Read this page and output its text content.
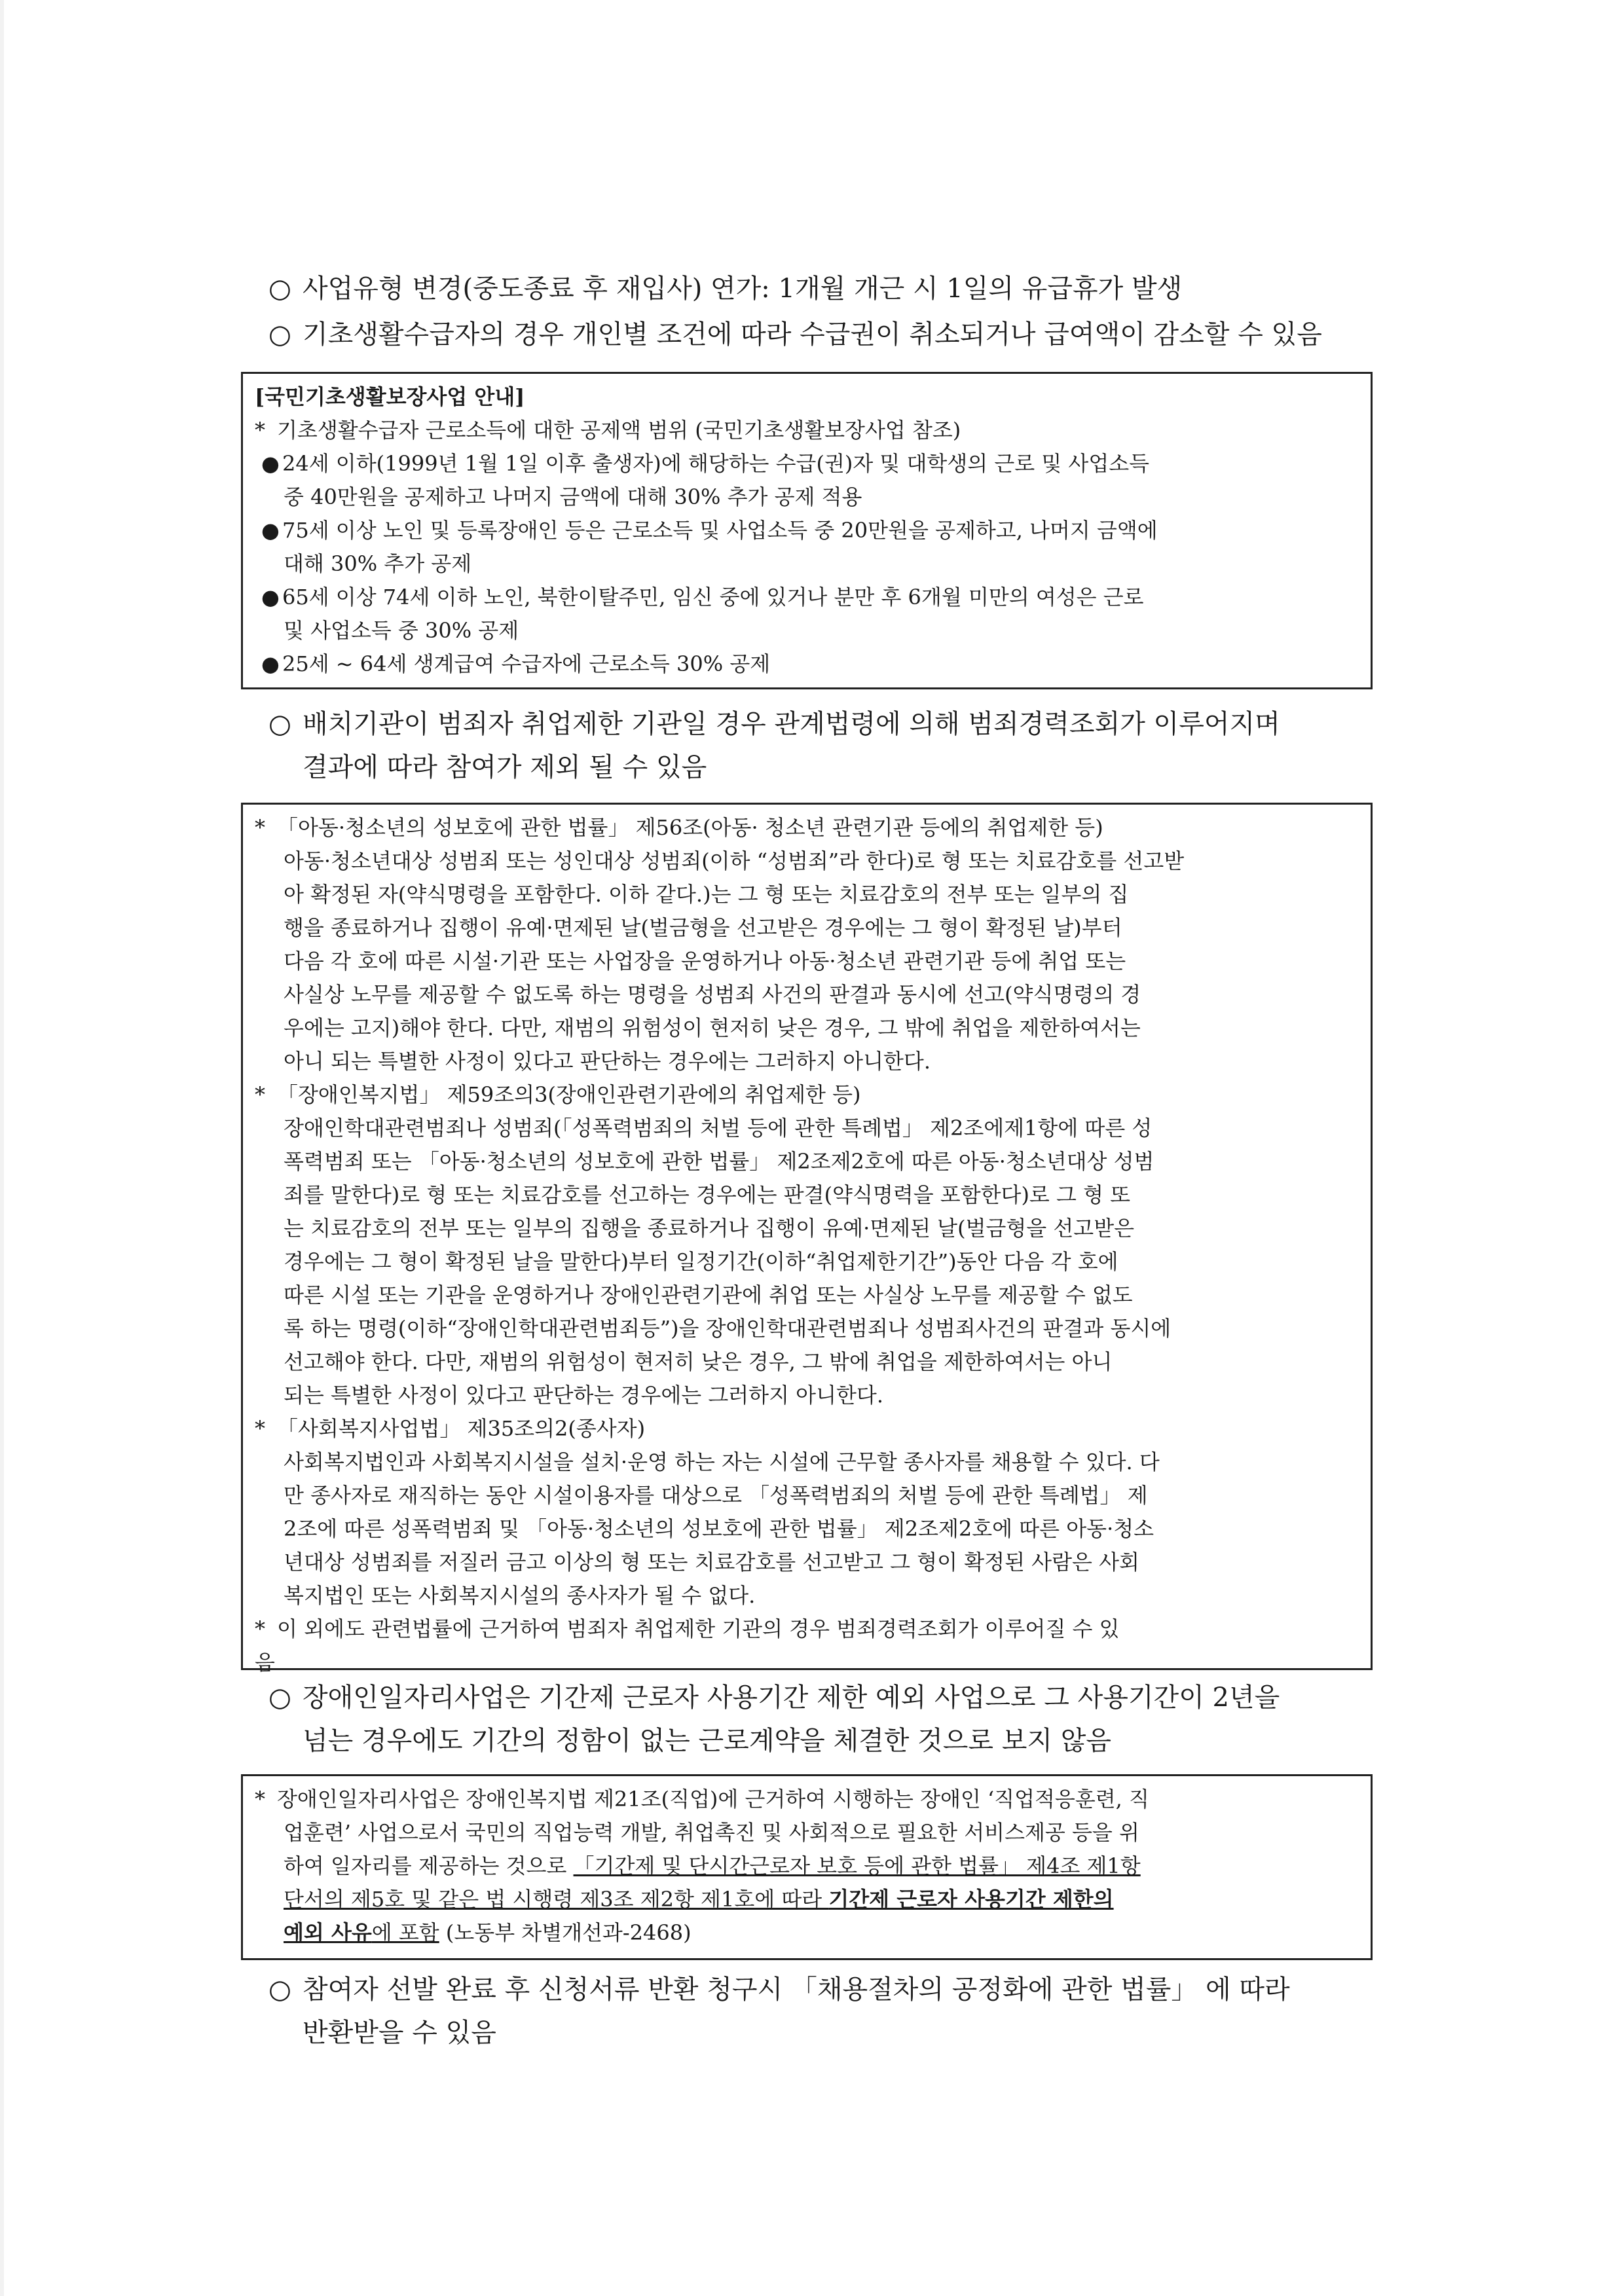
○ 사업유형 변경(중도종료 후 재입사) 연가: 1개월 개근 시 1일의 유급휴가 발생
○ 기초생활수급자의 경우 개인별 조건에 따라 수급권이 취소되거나 급여액이 감소할 수 있음
[국민기초생활보장사업 안내]
* 기초생활수급자 근로소득에 대한 공제액 범위 (국민기초생활보장사업 참조)
● 24세 이하(1999년 1월 1일 이후 출생자)에 해당하는 수급(권)자 및 대학생의 근로 및 사업소득
중 40만원을 공제하고 나머지 금액에 대해 30% 추가 공제 적용
● 75세 이상 노인 및 등록장애인 등은 근로소득 및 사업소득 중 20만원을 공제하고, 나머지 금액에
대해 30% 추가 공제
● 65세 이상 74세 이하 노인, 북한이탈주민, 임신 중에 있거나 분만 후 6개월 미만의 여성은 근로
및 사업소득 중 30% 공제
● 25세 ~ 64세 생계급여 수급자에 근로소득 30% 공제
○ 배치기관이 범죄자 취업제한 기관일 경우 관계법령에 의해 범죄경력조회가 이루어지며
결과에 따라 참여가 제외 될 수 있음
* 「아동·청소년의 성보호에 관한 법률」 제56조(아동· 청소년 관련기관 등에의 취업제한 등)
아동·청소년대상 성범죄 또는 성인대상 성범죄(이하 “성범죄”라 한다)로 형 또는 치료감호를 선고받
아 확정된 자(약식명령을 포함한다. 이하 같다.)는 그 형 또는 치료감호의 전부 또는 일부의 집
행을 종료하거나 집행이 유예·면제된 날(벌금형을 선고받은 경우에는 그 형이 확정된 날)부터
다음 각 호에 따른 시설·기관 또는 사업장을 운영하거나 아동·청소년 관련기관 등에 취업 또는
사실상 노무를 제공할 수 없도록 하는 명령을 성범죄 사건의 판결과 동시에 선고(약식명령의 경
우에는 고지)해야 한다. 다만, 재범의 위험성이 현저히 낮은 경우, 그 밖에 취업을 제한하여서는
아니 되는 특별한 사정이 있다고 판단하는 경우에는 그러하지 아니한다.
* 「장애인복지법」 제59조의3(장애인관련기관에의 취업제한 등)
장애인학대관련범죄나 성범죄(「성폭력범죄의 처벌 등에 관한 특례법」 제2조에제1항에 따른 성
폭력범죄 또는 「아동·청소년의 성보호에 관한 법률」 제2조제2호에 따른 아동·청소년대상 성범
죄를 말한다)로 형 또는 치료감호를 선고하는 경우에는 판결(약식명력을 포함한다)로 그 형 또
는 치료감호의 전부 또는 일부의 집행을 종료하거나 집행이 유예·면제된 날(벌금형을 선고받은
경우에는 그 형이 확정된 날을 말한다)부터 일정기간(이하“취업제한기간”)동안 다음 각 호에
따른 시설 또는 기관을 운영하거나 장애인관련기관에 취업 또는 사실상 노무를 제공할 수 없도
록 하는 명령(이하“장애인학대관련범죄등”)을 장애인학대관련범죄나 성범죄사건의 판결과 동시에
선고해야 한다. 다만, 재범의 위험성이 현저히 낮은 경우, 그 밖에 취업을 제한하여서는 아니
되는 특별한 사정이 있다고 판단하는 경우에는 그러하지 아니한다.
* 「사회복지사업법」 제35조의2(종사자)
사회복지법인과 사회복지시설을 설치·운영 하는 자는 시설에 근무할 종사자를 채용할 수 있다. 다
만 종사자로 재직하는 동안 시설이용자를 대상으로 「성폭력범죄의 처벌 등에 관한 특례법」 제
2조에 따른 성폭력범죄 및 「아동·청소년의 성보호에 관한 법률」 제2조제2호에 따른 아동·청소
년대상 성범죄를 저질러 금고 이상의 형 또는 치료감호를 선고받고 그 형이 확정된 사람은 사회
복지법인 또는 사회복지시설의 종사자가 될 수 없다.
* 이 외에도 관련법률에 근거하여 범죄자 취업제한 기관의 경우 범죄경력조회가 이루어질 수 있
음
○ 장애인일자리사업은 기간제 근로자 사용기간 제한 예외 사업으로 그 사용기간이 2년을
넘는 경우에도 기간의 정함이 없는 근로계약을 체결한 것으로 보지 않음
* 장애인일자리사업은 장애인복지법 제21조(직업)에 근거하여 시행하는 장애인 ‘직업적응훈련, 직
업훈련’ 사업으로서 국민의 직업능력 개발, 취업촉진 및 사회적으로 필요한 서비스제공 등을 위
하여 일자리를 제공하는 것으로 「기간제 및 단시간근로자 보호 등에 관한 법률」 제4조 제1항
단서의 제5호 및 같은 법 시행령 제3조 제2항 제1호에 따라 기간제 근로자 사용기간 제한의
예외 사유에 포함 (노동부 차별개선과-2468)
○ 참여자 선발 완료 후 신청서류 반환 청구시 「채용절차의 공정화에 관한 법률」 에 따라
반환받을 수 있음
